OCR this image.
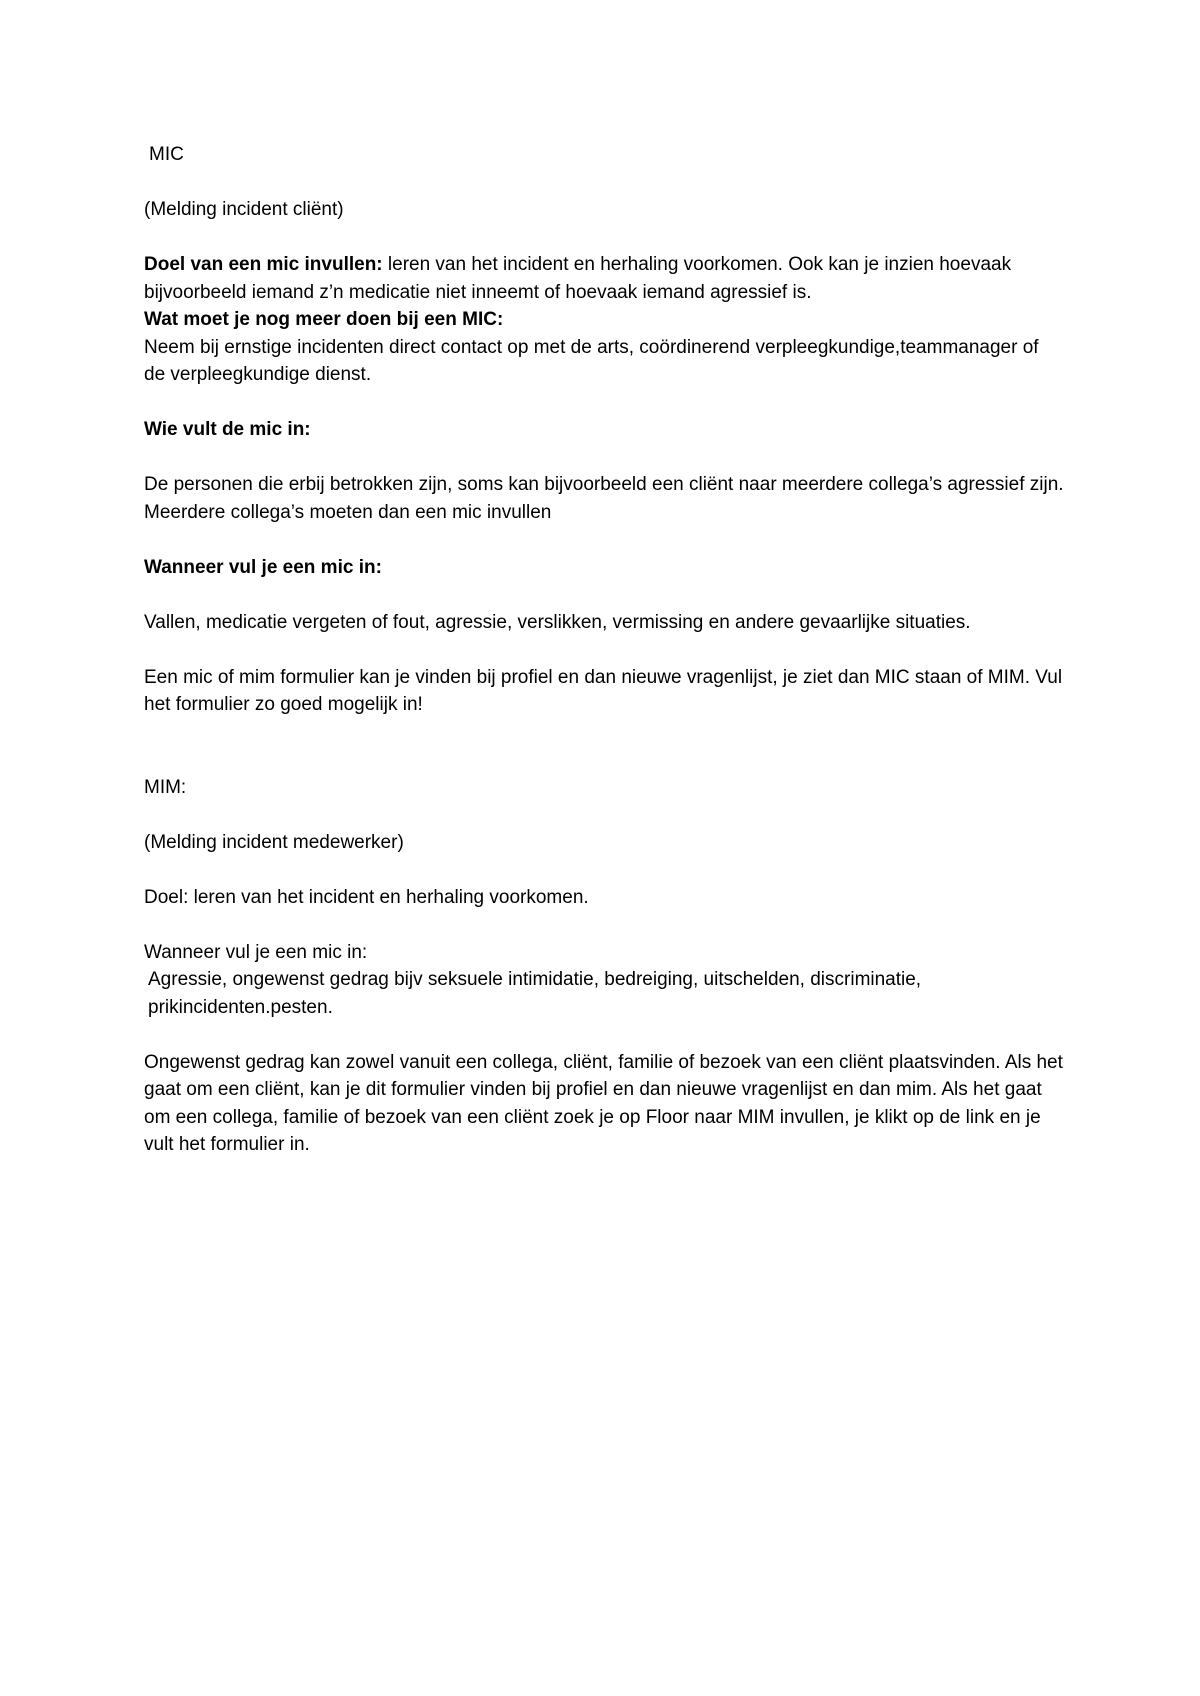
MIC

(Melding incident cliënt)

Doel van een mic invullen: leren van het incident en herhaling voorkomen. Ook kan je inzien hoevaak bijvoorbeeld iemand z’n medicatie niet inneemt of hoevaak iemand agressief is.

Wat moet je nog meer doen bij een MIC:

Neem bij ernstige incidenten direct contact op met de arts, coördinerend verpleegkundige,teammanager of de verpleegkundige dienst.

Wie vult de mic in:

De personen die erbij betrokken zijn, soms kan bijvoorbeeld een cliënt naar meerdere collega’s agressief zijn. Meerdere collega’s moeten dan een mic invullen

Wanneer vul je een mic in:

Vallen, medicatie vergeten of fout, agressie, verslikken, vermissing en andere gevaarlijke situaties.

Een mic of mim formulier kan je vinden bij profiel en dan nieuwe vragenlijst, je ziet dan MIC staan of MIM. Vul het formulier zo goed mogelijk in!

MIM:

(Melding incident medewerker)

Doel: leren van het incident en herhaling voorkomen.

Wanneer vul je een mic in:

Agressie, ongewenst gedrag bijv seksuele intimidatie, bedreiging, uitschelden, discriminatie, prikincidenten.pesten.

Ongewenst gedrag kan zowel vanuit een collega, cliënt, familie of bezoek van een cliënt plaatsvinden. Als het gaat om een cliënt, kan je dit formulier vinden bij profiel en dan nieuwe vragenlijst en dan mim. Als het gaat om een collega, familie of bezoek van een cliënt zoek je op Floor naar MIM invullen, je klikt op de link en je vult het formulier in.
